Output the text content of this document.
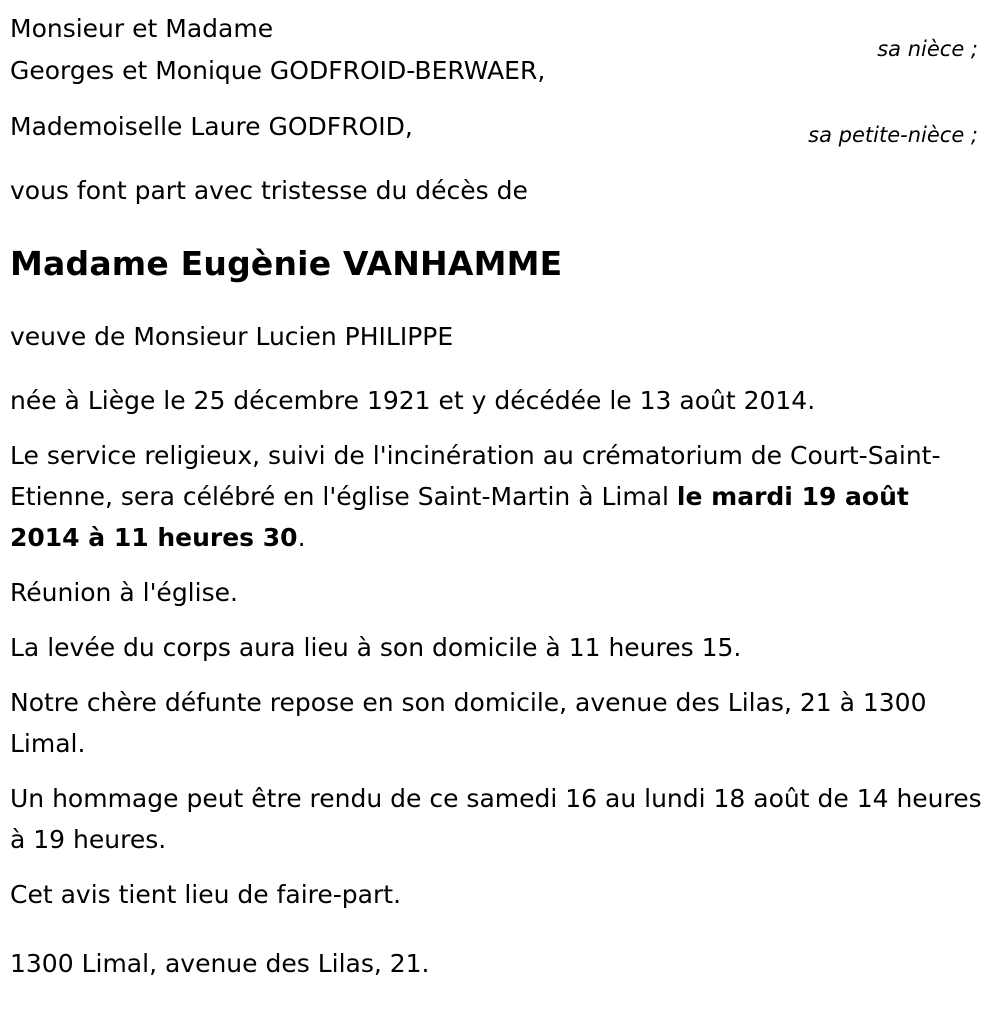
Monsieur et Madame
Georges et Monique GODFROID-BERWAER,
sa nièce ;
Mademoiselle Laure GODFROID,	sa petite-nièce ;
vous font part avec tristesse du décès de
Madame Eugènie VANHAMME
veuve de Monsieur Lucien PHILIPPE
née à Liège le 25 décembre 1921 et y décédée le 13 août 2014.
Le service religieux, suivi de l'incinération au crématorium de Court-Saint-Etienne, sera célébré en l'église Saint-Martin à Limal le mardi 19 août 2014 à 11 heures 30.
Réunion à l'église.
La levée du corps aura lieu à son domicile à 11 heures 15.
Notre chère défunte repose en son domicile, avenue des Lilas, 21 à 1300 Limal.
Un hommage peut être rendu de ce samedi 16 au lundi 18 août de 14 heures à 19 heures.
Cet avis tient lieu de faire-part.
1300 Limal, avenue des Lilas, 21.
